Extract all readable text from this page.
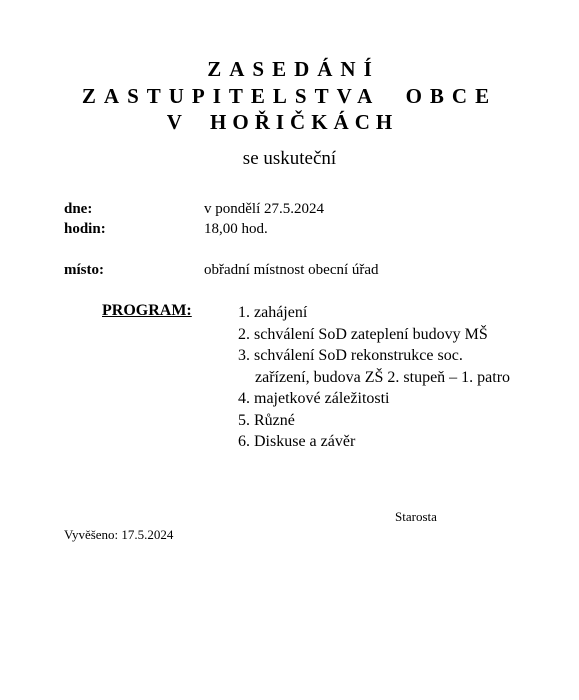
ZASEDÁNÍ
ZASTUPITELSTVA  OBCE
V  HOŘIČKÁCH
se uskuteční
dne:	v pondělí 27.5.2024
hodin:	18,00 hod.
místo:	obřadní místnost obecní úřad
PROGRAM:	1. zahájení
2. schválení SoD zateplení budovy MŠ
3. schválení SoD rekonstrukce soc.
zařízení, budova ZŠ 2. stupeň – 1. patro
4. majetkové záležitosti
5. Různé
6. Diskuse a závěr
Starosta
Vyvěšeno: 17.5.2024
